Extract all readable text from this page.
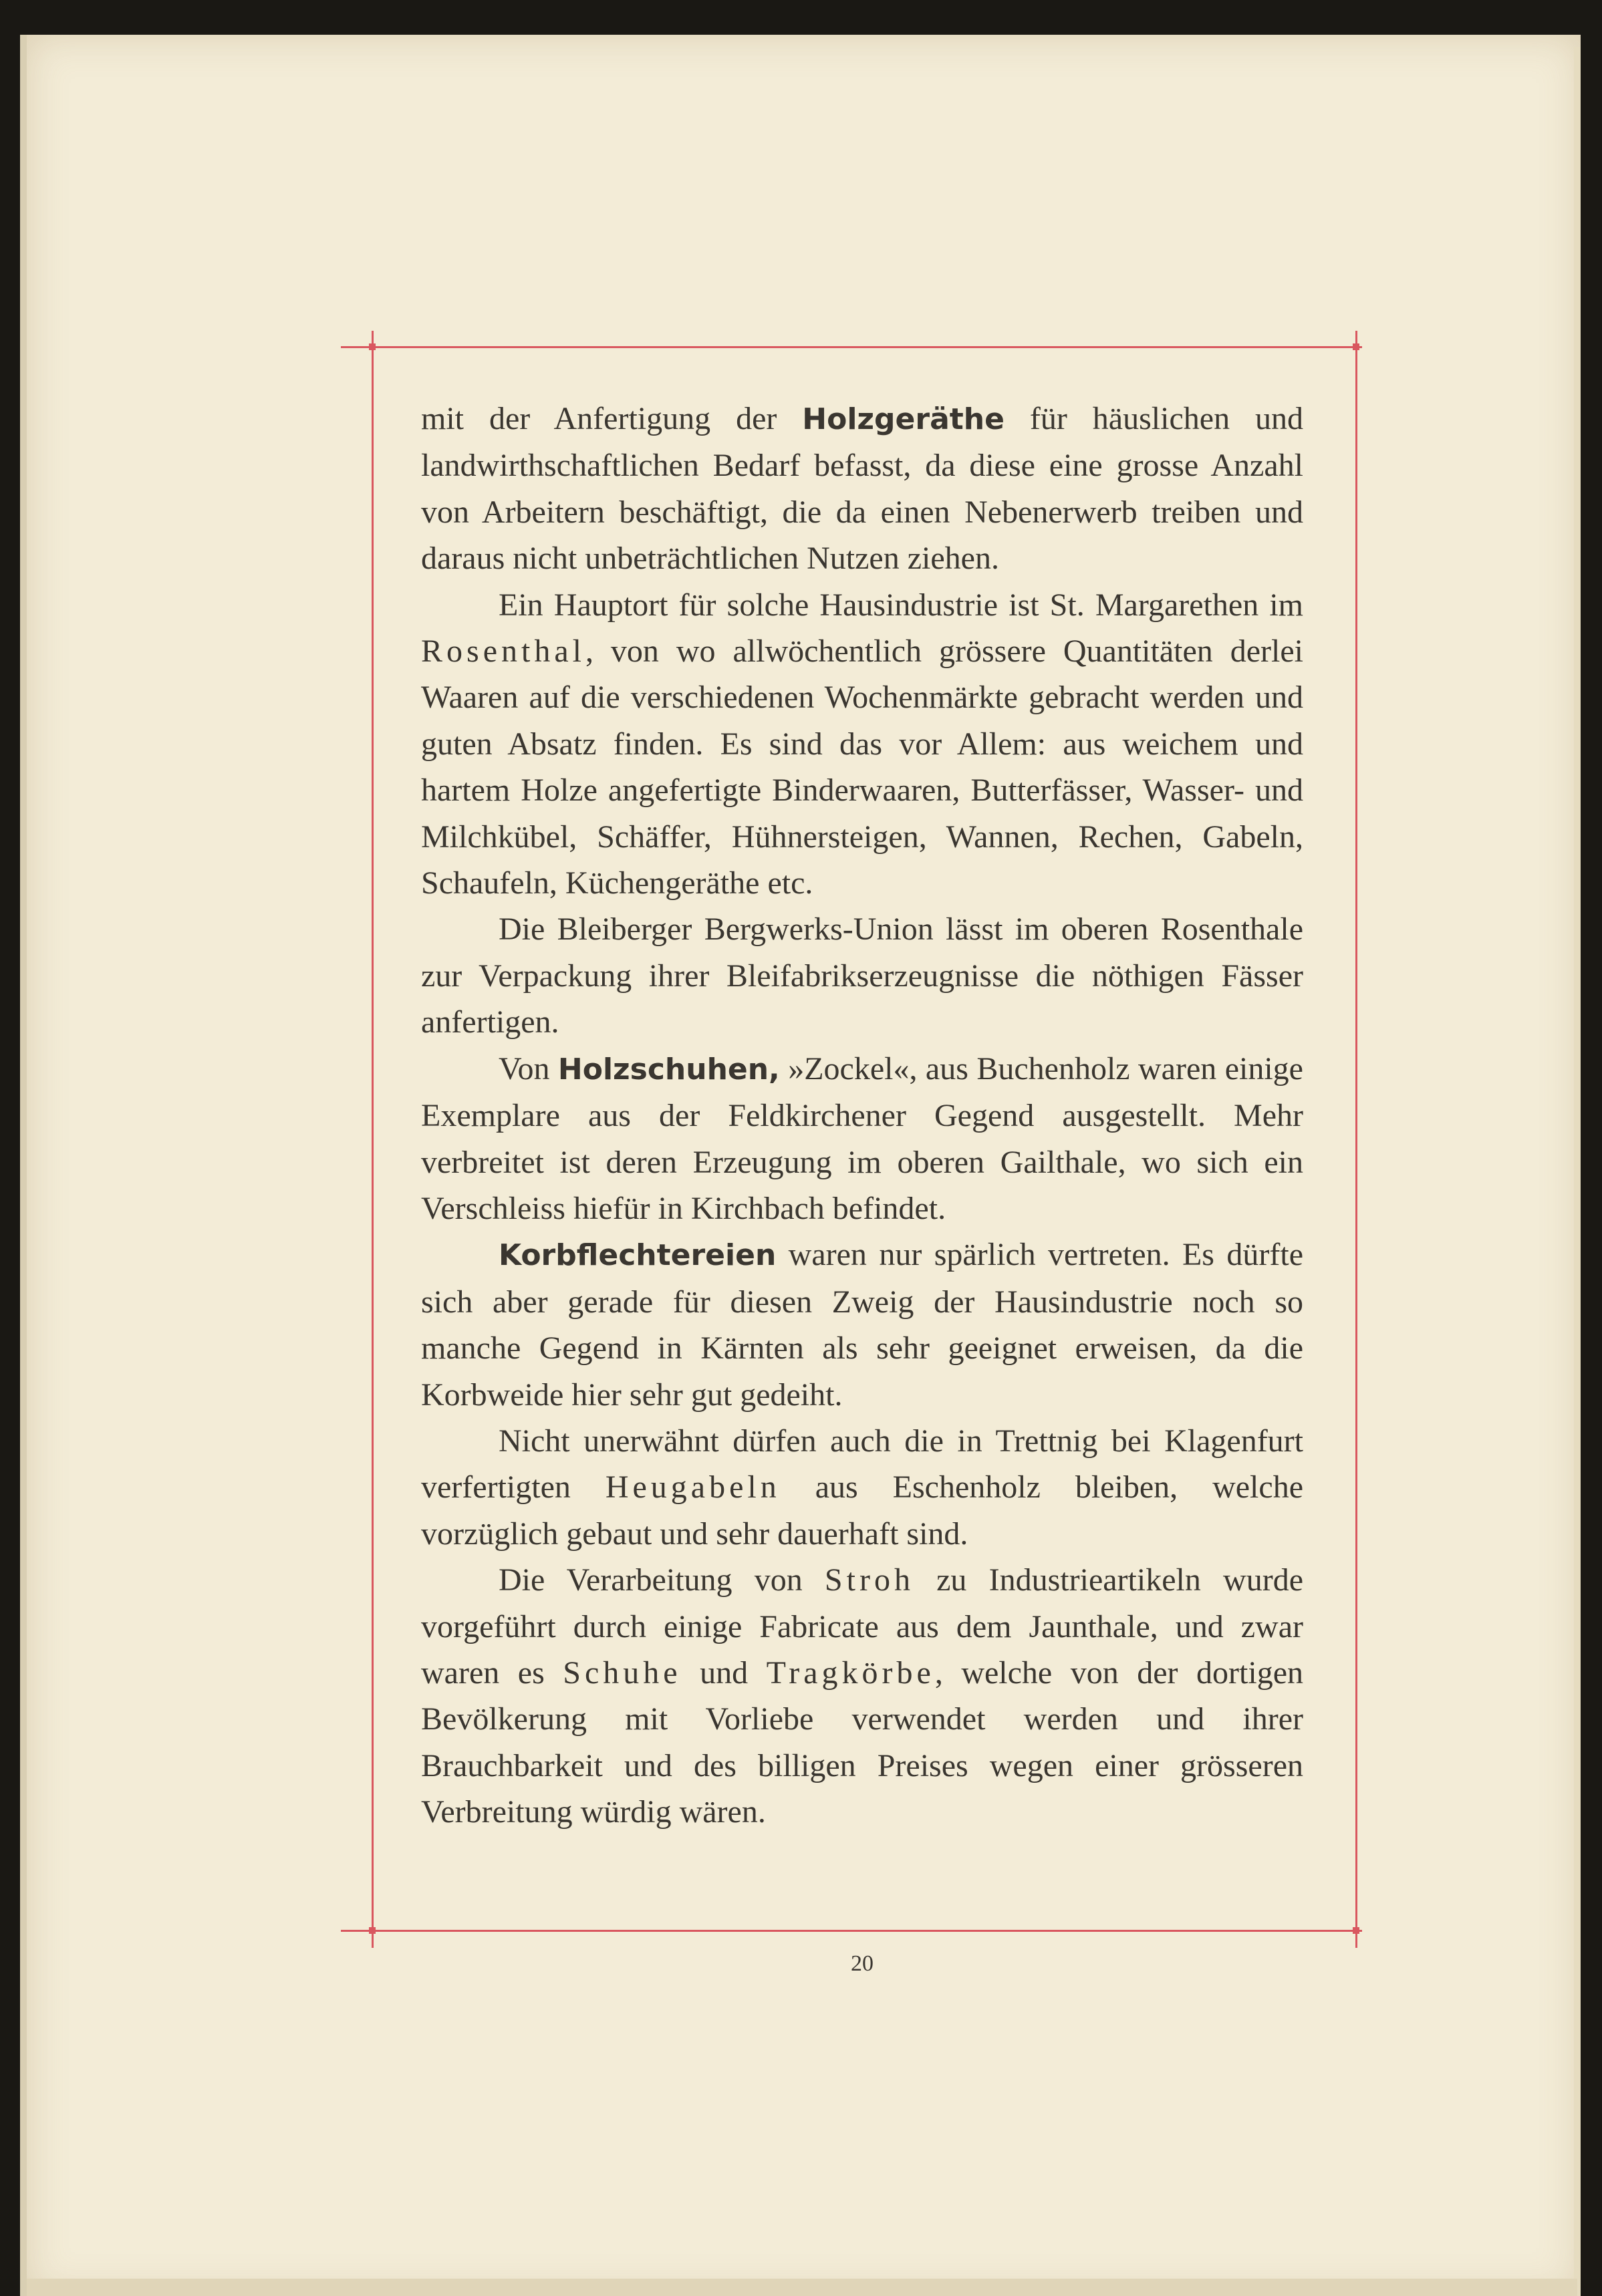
mit der Anfertigung der Holzgeräthe für häuslichen und landwirthschaftlichen Bedarf befasst, da diese eine grosse Anzahl von Arbeitern beschäftigt, die da einen Nebenerwerb treiben und daraus nicht unbeträchtlichen Nutzen ziehen.

Ein Hauptort für solche Hausindustrie ist St. Margarethen im Rosenthal, von wo allwöchentlich grössere Quantitäten derlei Waaren auf die verschiedenen Wochenmärkte gebracht werden und guten Absatz finden. Es sind das vor Allem: aus weichem und hartem Holze angefertigte Binderwaaren, Butterfässer, Wasser- und Milchkübel, Schäffer, Hühnersteigen, Wannen, Rechen, Gabeln, Schaufeln, Küchengeräthe etc.

Die Bleiberger Bergwerks-Union lässt im oberen Rosenthale zur Verpackung ihrer Bleifabrikserzeugnisse die nöthigen Fässer anfertigen.

Von Holzschuhen, »Zockel«, aus Buchenholz waren einige Exemplare aus der Feldkirchener Gegend ausgestellt. Mehr verbreitet ist deren Erzeugung im oberen Gailthale, wo sich ein Verschleiss hiefür in Kirchbach befindet.

Korbflechtereien waren nur spärlich vertreten. Es dürfte sich aber gerade für diesen Zweig der Hausindustrie noch so manche Gegend in Kärnten als sehr geeignet erweisen, da die Korbweide hier sehr gut gedeiht.

Nicht unerwähnt dürfen auch die in Trettnig bei Klagenfurt verfertigten Heugabeln aus Eschenholz bleiben, welche vorzüglich gebaut und sehr dauerhaft sind.

Die Verarbeitung von Stroh zu Industrieartikeln wurde vorgeführt durch einige Fabricate aus dem Jaunthale, und zwar waren es Schuhe und Tragkörbe, welche von der dortigen Bevölkerung mit Vorliebe verwendet werden und ihrer Brauchbarkeit und des billigen Preises wegen einer grösseren Verbreitung würdig wären.

20
